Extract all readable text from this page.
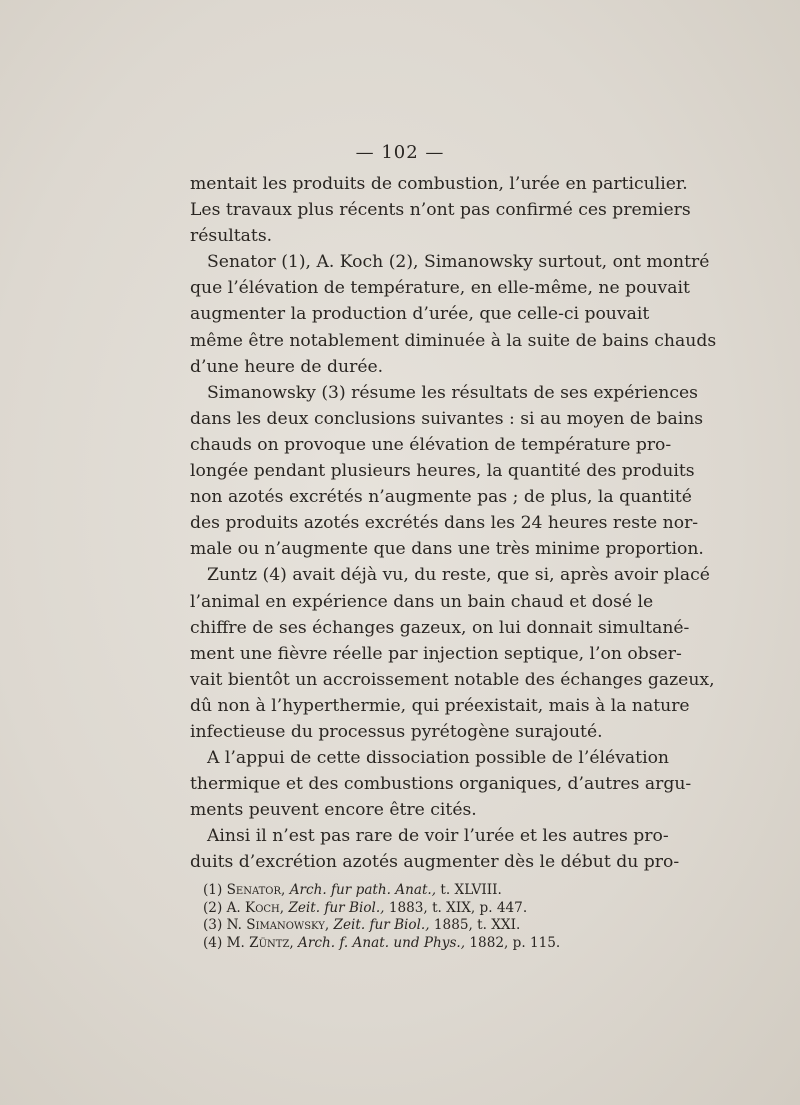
— 102 —
mentait les produits de combustion, l’urée en particulier.
Les travaux plus récents n’ont pas confirmé ces premiers
résultats.
Senator (1), A. Koch (2), Simanowsky surtout, ont montré
que l’élévation de température, en elle-même, ne pouvait
augmenter la production d’urée, que celle-ci pouvait
même être notablement diminuée à la suite de bains chauds
d’une heure de durée.
Simanowsky (3) résume les résultats de ses expériences
dans les deux conclusions suivantes : si au moyen de bains
chauds on provoque une élévation de température pro-
longée pendant plusieurs heures, la quantité des produits
non azotés excrétés n’augmente pas ; de plus, la quantité
des produits azotés excrétés dans les 24 heures reste nor-
male ou n’augmente que dans une très minime proportion.
Zuntz (4) avait déjà vu, du reste, que si, après avoir placé
l’animal en expérience dans un bain chaud et dosé le
chiffre de ses échanges gazeux, on lui donnait simultané-
ment une fièvre réelle par injection septique, l’on obser-
vait bientôt un accroissement notable des échanges gazeux,
dû non à l’hyperthermie, qui préexistait, mais à la nature
infectieuse du processus pyrétogène surajouté.
A l’appui de cette dissociation possible de l’élévation
thermique et des combustions organiques, d’autres argu-
ments peuvent encore être cités.
Ainsi il n’est pas rare de voir l’urée et les autres pro-
duits d’excrétion azotés augmenter dès le début du pro-
(1) Senator, Arch. fur path. Anat., t. XLVIII.
(2) A. Koch, Zeit. fur Biol., 1883, t. XIX, p. 447.
(3) N. Simanowsky, Zeit. fur Biol., 1885, t. XXI.
(4) M. Züntz, Arch. f. Anat. und Phys., 1882, p. 115.
